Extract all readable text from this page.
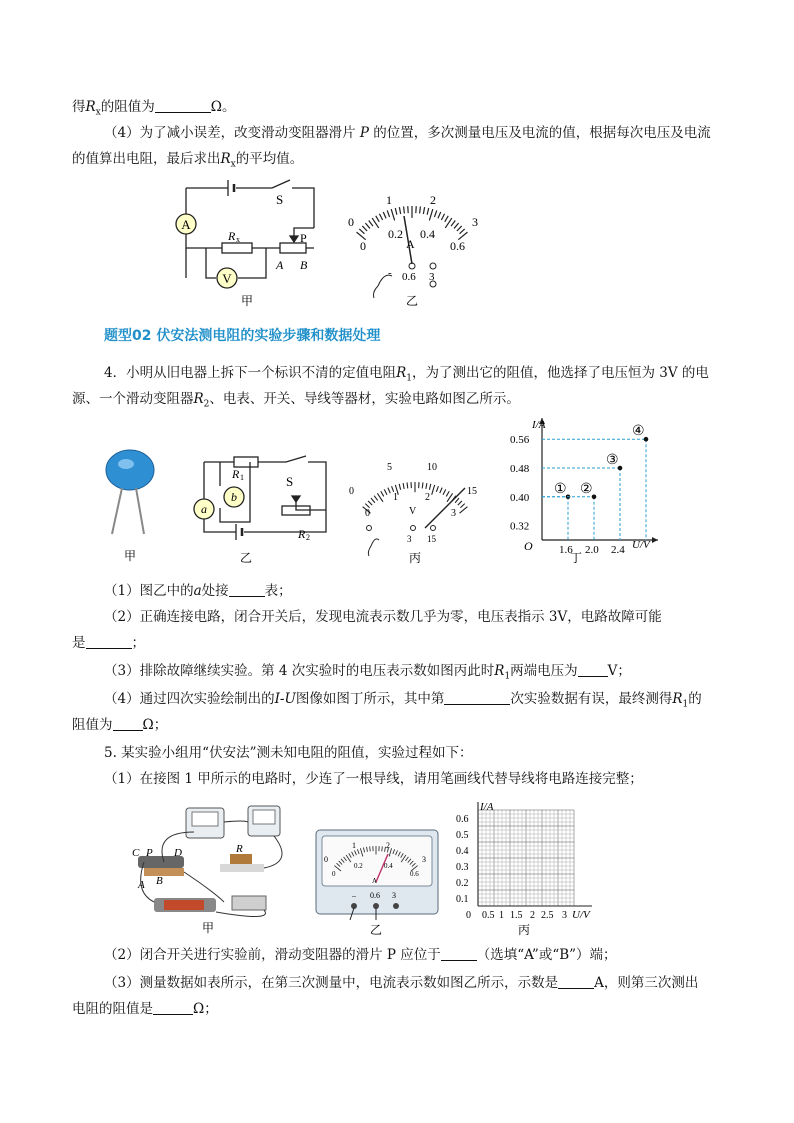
得$R_x$的阻值为	Ω。
（4）为了减小误差，改变滑动变阻器滑片 P 的位置，多次测量电压及电流的值，根据每次电压及电流
的值算出电阻，最后求出$R_x$的平均值。
A
V
S
R x	P
A B
甲
0
1	2
3
0
0.2 0.4
0.6
A
- 0.6 3
乙
题型02 伏安法测电阻的实验步骤和数据处理
4．小明从旧电器上拆下一个标识不清的定值电阻$R_1$，为了测出它的阻值，他选择了电压恒为 3V 的电
源、一个滑动变阻器$R_2$、电表、开关、导线等器材，实验电路如图乙所示。
甲
R 1
a
b
S
R 2
乙
0
5	10
15
0
1	2
3
V
3 15
丙
0.32
0.40
0.48
0.56
1.6 2.0 2.4
① ②
③
④
I/A
U/V
O
丁
（1）图乙中的a处接	表；
（2）正确连接电路，闭合开关后，发现电流表示数几乎为零，电压表指示 3V，电路故障可能
是	；
（3）排除故障继续实验。第 4 次实验时的电压表示数如图丙此时$R_1$两端电压为 V；
（4）通过四次实验绘制出的I-U图像如图丁所示，其中第	次实验数据有误，最终测得$R_1$的
阻值为 Ω；
5. 某实验小组用“伏安法”测未知电阻的阻值，实验过程如下：
（1）在接图 1 甲所示的电路时，少连了一根导线，请用笔画线代替导线将电路连接完整；
C P D
A B
R
甲
0
1	2
3
0
0.2	0.4
0.6
A
– 0.6 3
乙
I/A
0.6
0.5
0.4
0.3
0.2
0.1
0 0.5 1 1.5 2 2.5 3 U/V
丙
（2）闭合开关进行实验前，滑动变阻器的滑片 P 应位于	（选填“A”或“B”）端；
（3）测量数据如表所示，在第三次测量中，电流表示数如图乙所示，示数是	A，则第三次测出
电阻的阻值是	Ω；
